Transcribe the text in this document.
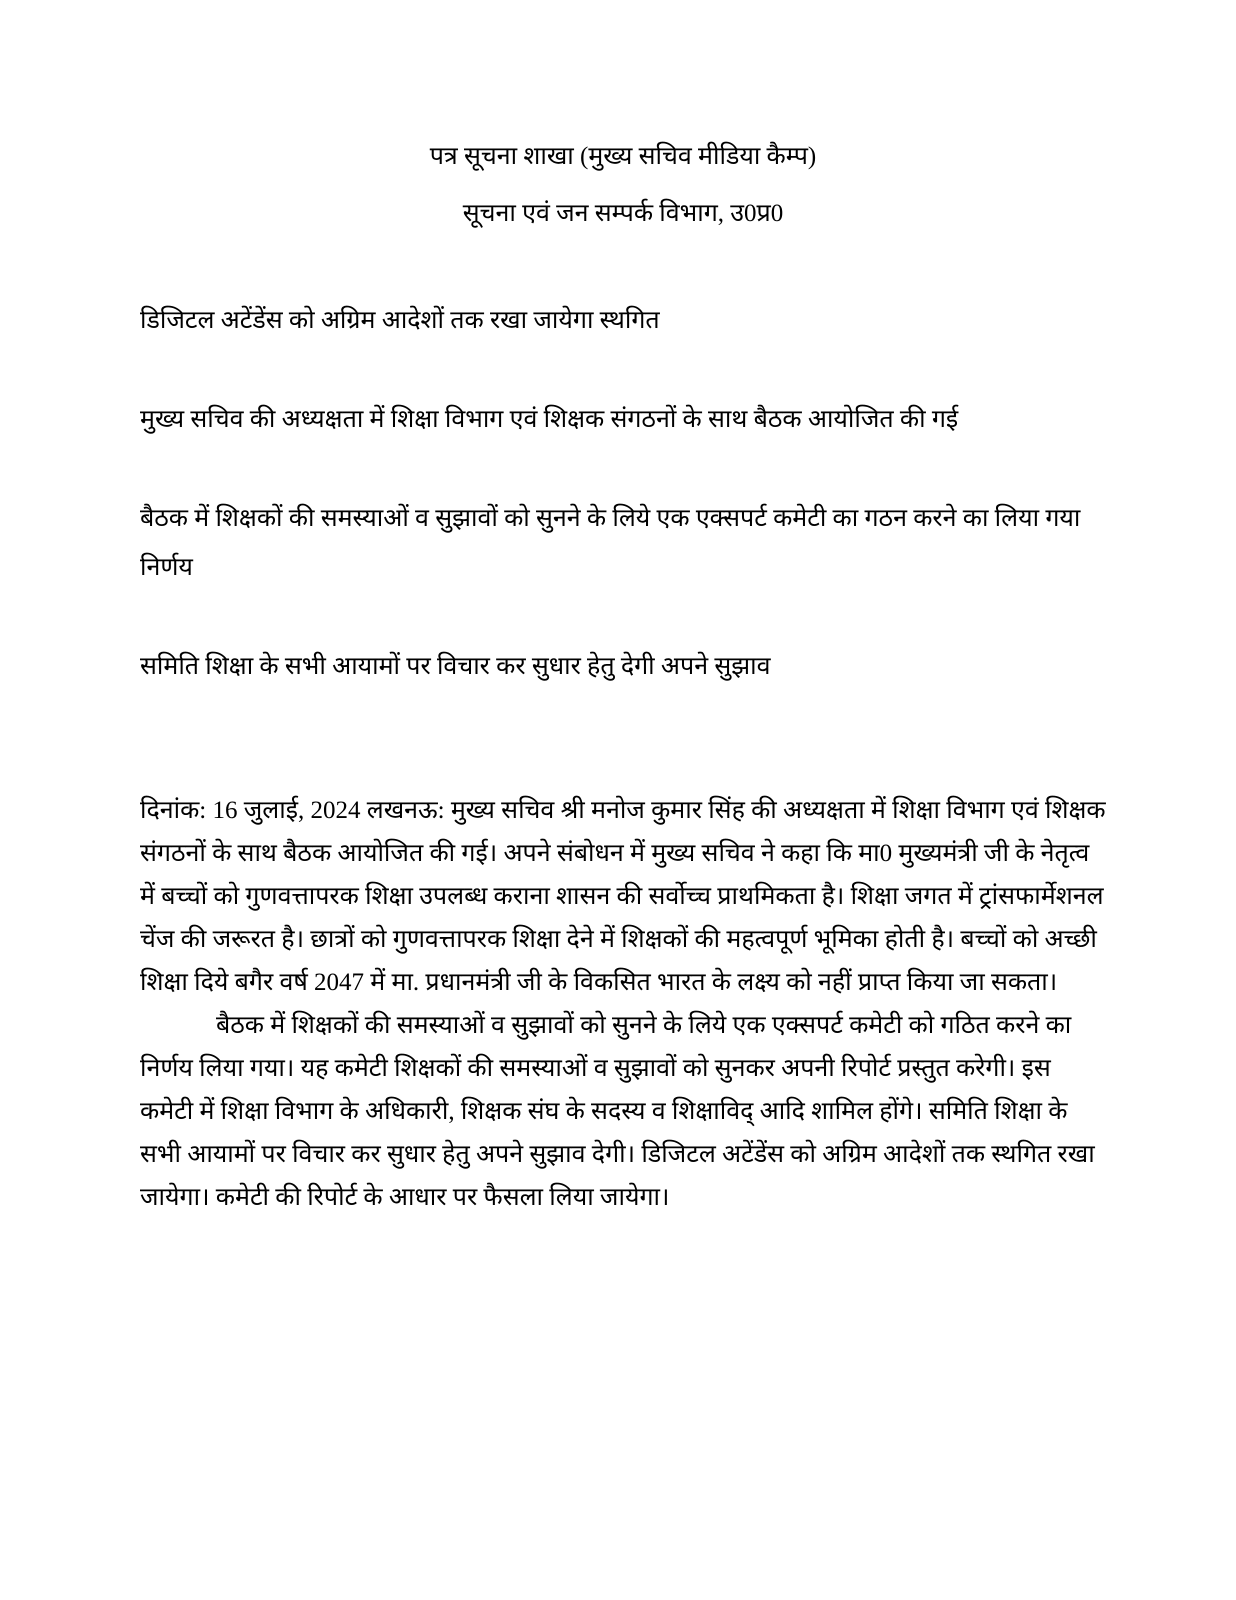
पत्र सूचना शाखा (मुख्य सचिव मीडिया कैम्प)

सूचना एवं जन सम्पर्क विभाग, उ0प्र0

डिजिटल अटेंडेंस को अग्रिम आदेशों तक रखा जायेगा स्थगित

मुख्य सचिव की अध्यक्षता में शिक्षा विभाग एवं शिक्षक संगठनों के साथ बैठक आयोजित की गई

बैठक में शिक्षकों की समस्याओं व सुझावों को सुनने के लिये एक एक्सपर्ट कमेटी का गठन करने का लिया गया निर्णय

समिति शिक्षा के सभी आयामों पर विचार कर सुधार हेतु देगी अपने सुझाव

दिनांक: 16 जुलाई, 2024 लखनऊ: मुख्य सचिव श्री मनोज कुमार सिंह की अध्यक्षता में शिक्षा विभाग एवं शिक्षक संगठनों के साथ बैठक आयोजित की गई। अपने संबोधन में मुख्य सचिव ने कहा कि मा0 मुख्यमंत्री जी के नेतृत्व में बच्चों को गुणवत्तापरक शिक्षा उपलब्ध कराना शासन की सर्वोच्च प्राथमिकता है। शिक्षा जगत में ट्रांसफार्मेशनल चेंज की जरूरत है। छात्रों को गुणवत्तापरक शिक्षा देने में शिक्षकों की महत्वपूर्ण भूमिका होती है। बच्चों को अच्छी शिक्षा दिये बगैर वर्ष 2047 में मा. प्रधानमंत्री जी के विकसित भारत के लक्ष्य को नहीं प्राप्त किया जा सकता।

बैठक में शिक्षकों की समस्याओं व सुझावों को सुनने के लिये एक एक्सपर्ट कमेटी को गठित करने का निर्णय लिया गया। यह कमेटी शिक्षकों की समस्याओं व सुझावों को सुनकर अपनी रिपोर्ट प्रस्तुत करेगी। इस कमेटी में शिक्षा विभाग के अधिकारी, शिक्षक संघ के सदस्य व शिक्षाविद् आदि शामिल होंगे। समिति शिक्षा के सभी आयामों पर विचार कर सुधार हेतु अपने सुझाव देगी। डिजिटल अटेंडेंस को अग्रिम आदेशों तक स्थगित रखा जायेगा। कमेटी की रिपोर्ट के आधार पर फैसला लिया जायेगा।
